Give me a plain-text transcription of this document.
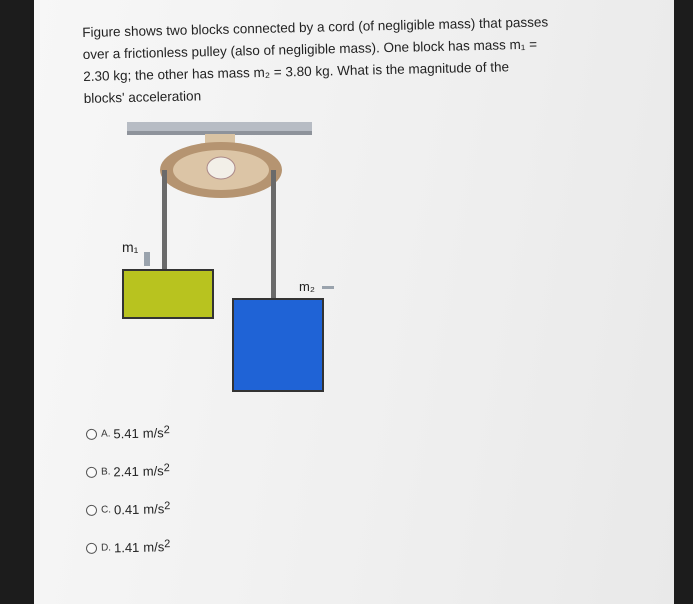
Figure shows two blocks connected by a cord (of negligible mass) that passes

over a frictionless pulley (also of negligible mass). One block has mass m₁ =

2.30 kg; the other has mass m₂ = 3.80 kg. What is the magnitude of the

blocks' acceleration

m₁
m₂
A. 5.41 m/s 2
B. 2.41 m/s 2
C. 0.41 m/s 2
D. 1.41 m/s 2
